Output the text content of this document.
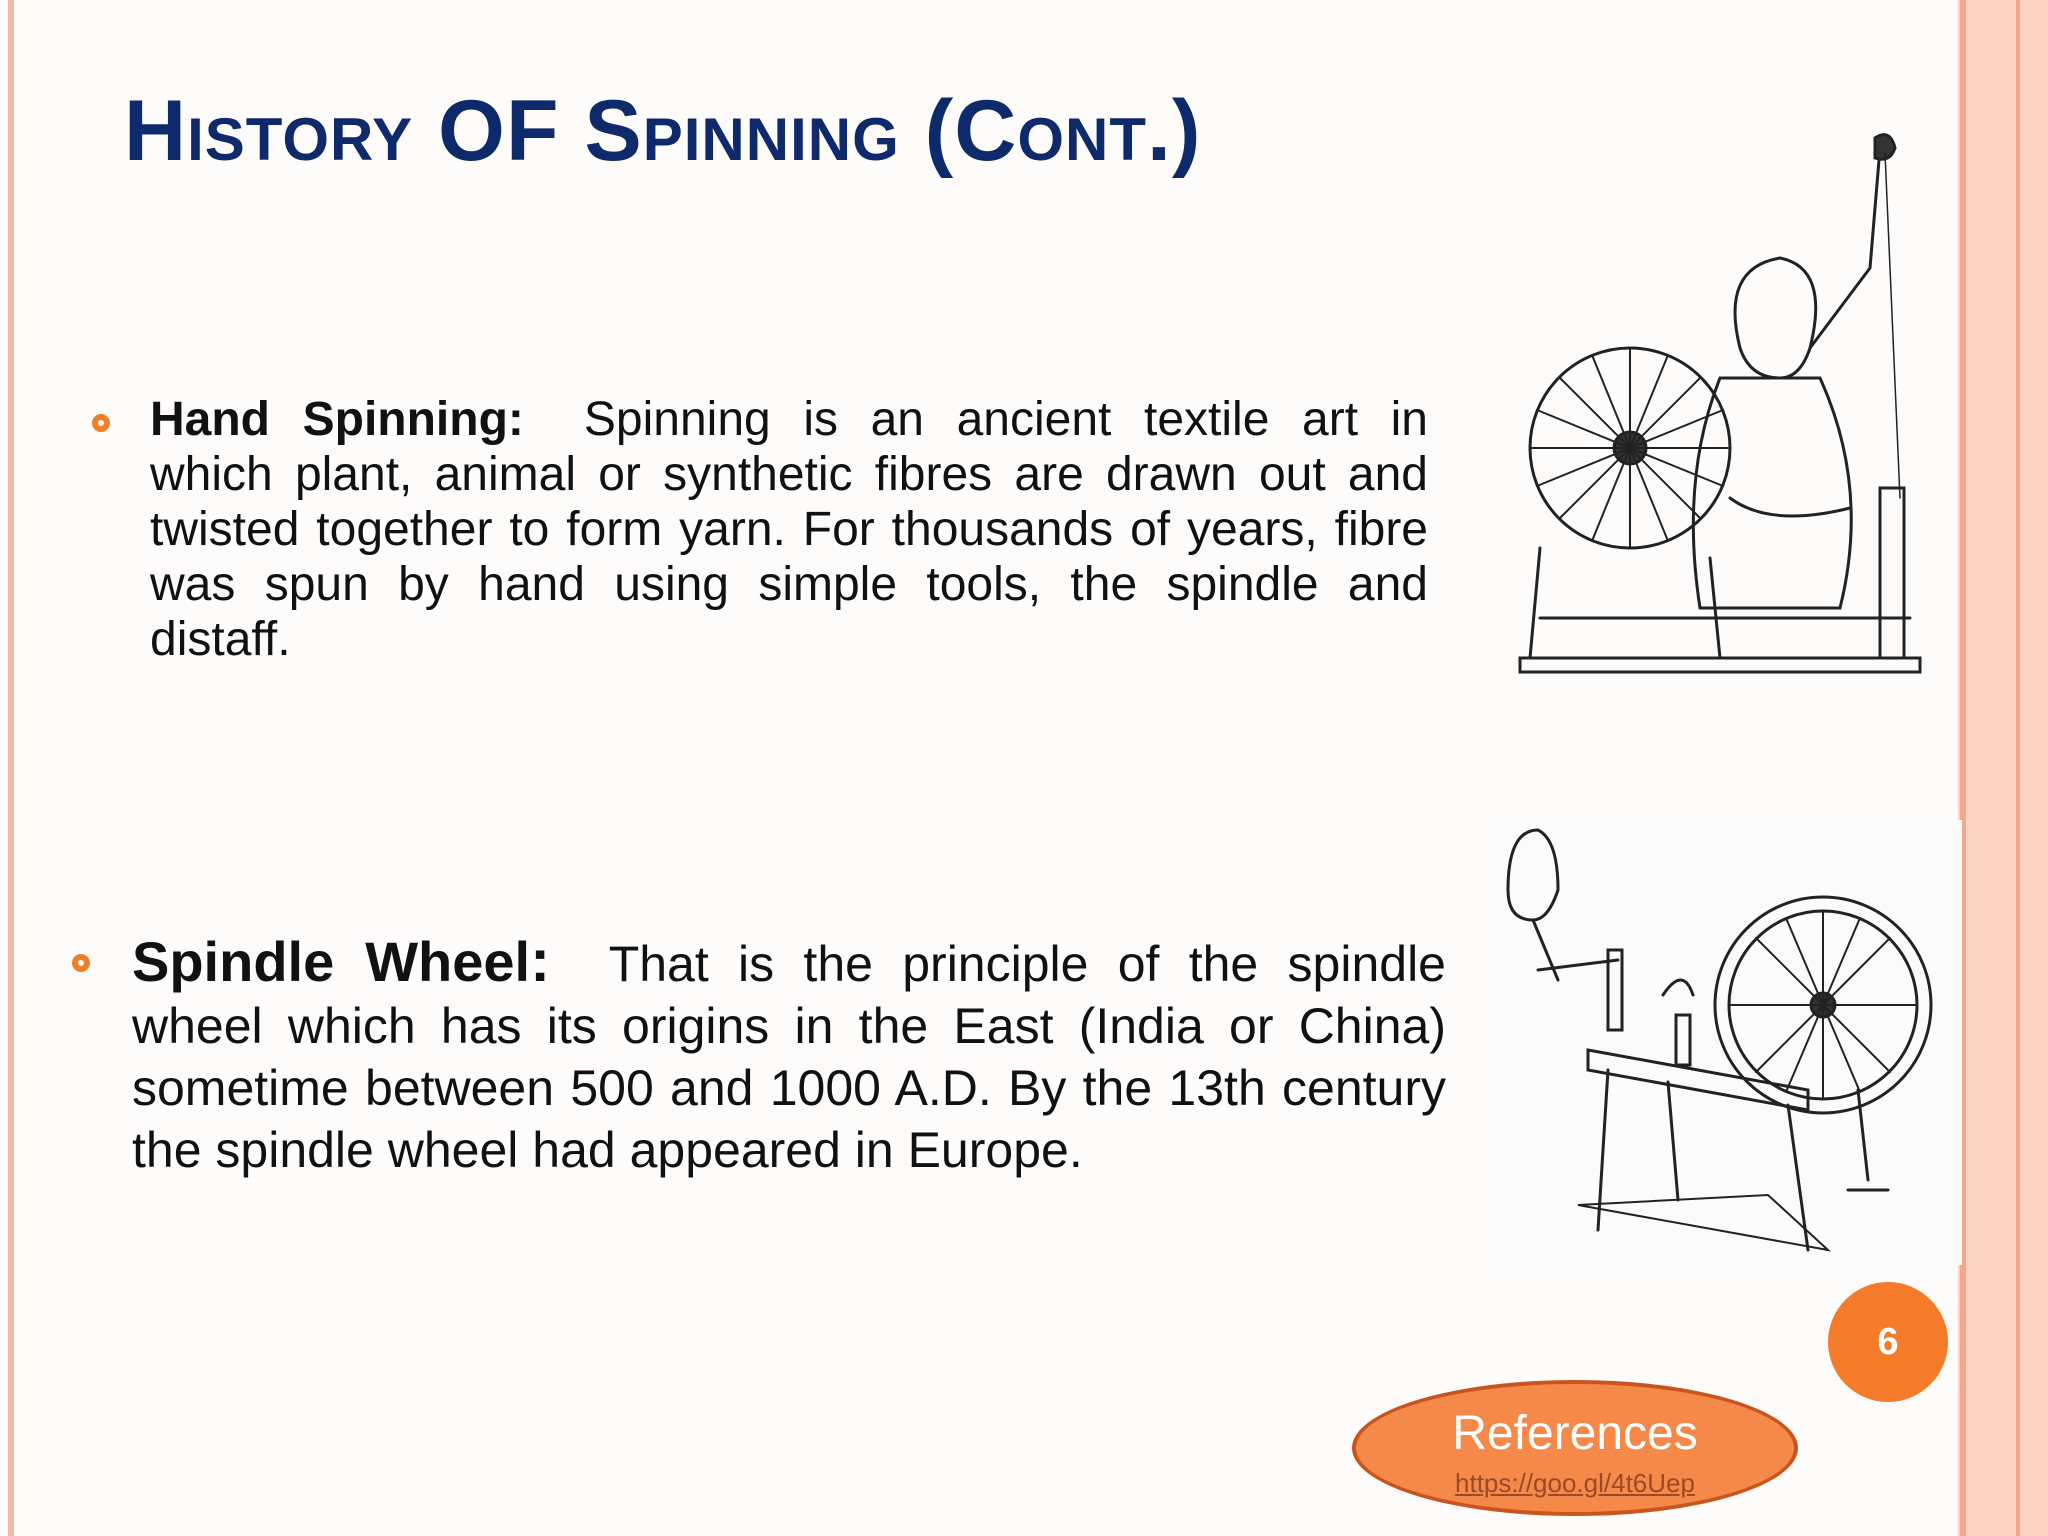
History OF Spinning (Cont.)

Hand Spinning: Spinning is an ancient textile art in which plant, animal or synthetic fibres are drawn out and twisted together to form yarn. For thousands of years, fibre was spun by hand using simple tools, the spindle and distaff.

Spindle Wheel: That is the principle of the spindle wheel which has its origins in the East (India or China) sometime between 500 and 1000 A.D. By the 13th century the spindle wheel had appeared in Europe.

6
References
https://goo.gl/4t6Uep
